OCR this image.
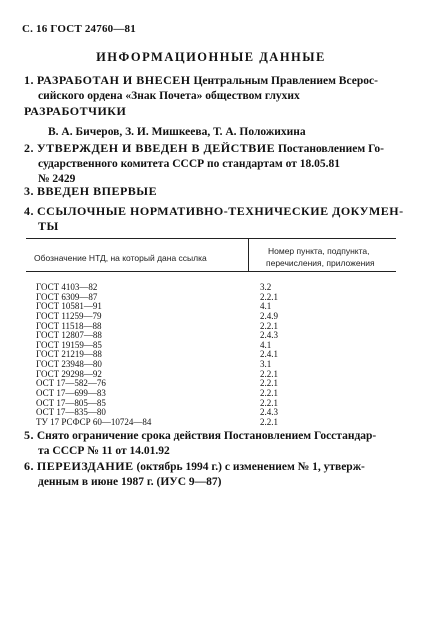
С. 16 ГОСТ 24760—81
ИНФОРМАЦИОННЫЕ ДАННЫЕ
1. РАЗРАБОТАН И ВНЕСЕН Центральным Правлением Всерос-
сийского ордена «Знак Почета» обществом глухих
РАЗРАБОТЧИКИ
В. А. Бичеров, З. И. Мишкеева, Т. А. Положихина
2. УТВЕРЖДЕН И ВВЕДЕН В ДЕЙСТВИЕ Постановлением Го-
сударственного комитета СССР по стандартам от 18.05.81
№ 2429
3. ВВЕДЕН ВПЕРВЫЕ
4. ССЫЛОЧНЫЕ НОРМАТИВНО-ТЕХНИЧЕСКИЕ ДОКУМЕН-
ТЫ
Обозначение НТД, на который дана ссылка
Номер пункта, подпункта,
перечисления, приложения
ГОСТ 4103—82	3.2
ГОСТ 6309—87	2.2.1
ГОСТ 10581—91	4.1
ГОСТ 11259—79	2.4.9
ГОСТ 11518—88	2.2.1
ГОСТ 12807—88	2.4.3
ГОСТ 19159—85	4.1
ГОСТ 21219—88	2.4.1
ГОСТ 23948—80	3.1
ГОСТ 29298—92	2.2.1
ОСТ 17—582—76	2.2.1
ОСТ 17—699—83	2.2.1
ОСТ 17—805—85	2.2.1
ОСТ 17—835—80	2.4.3
ТУ 17 РСФСР 60—10724—84	2.2.1
5. Снято ограничение срока действия Постановлением Госстандар-
та СССР № 11 от 14.01.92
6. ПЕРЕИЗДАНИЕ (октябрь 1994 г.) с изменением № 1, утверж-
денным в июне 1987 г. (ИУС 9—87)
